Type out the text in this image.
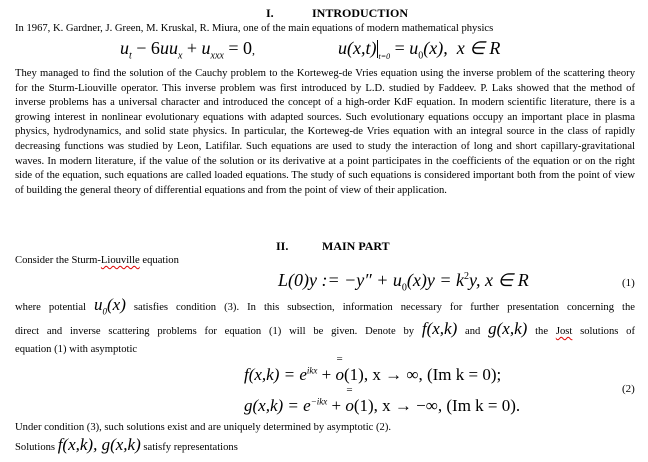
I.	INTRODUCTION
In 1967, K. Gardner, J. Green, M. Kruskal, R. Miura, one of the main equations of modern mathematical physics
$u_t - 6uu_x + u_{xxx} = 0$,	u(x,t) $_{t=0} = u_0(x)$, x ∈ R
They managed to find the solution of the Cauchy problem to the Korteweg-de Vries equation using the inverse problem of the scattering theory for the Sturm-Liouville operator. This inverse problem was first introduced by L.D. studied by Faddeev. P. Laks showed that the method of inverse problems has a universal character and introduced the concept of a high-order KdF equation. In modern scientific literature, there is a growing interest in nonlinear evolutionary equations with adapted sources. Such evolutionary equations occupy an important place in plasma physics, hydrodynamics, and solid state physics. In particular, the Korteweg-de Vries equation with an integral source in the class of rapidly decreasing functions was studied by Leon, Latifilar. Such equations are used to study the interaction of long and short capillary-gravitational waves. In modern literature, if the value of the solution or its derivative at a point participates in the coefficients of the equation or on the right side of the equation, such equations are called loaded equations. The study of such equations is considered important both from the point of view of building the general theory of differential equations and from the point of view of their application.
II.	MAIN PART
Consider the Sturm-Liouville equation
L(0)y := $-y'' + u_0(x)y = k^2y$, x ∈ R	(1)
where potential $u_0(x)$ satisfies condition (3). In this subsection, information necessary for further presentation concerning the
direct and inverse scattering problems for equation (1) will be given. Denote by f(x,k) and g(x,k) the Jost solutions of
equation (1) with asymptotic
$f(x,k) = e^{ikx}$ + = o(1), x → ∞, (Im k = 0);
$g(x,k) = e^{-ikx}$ + = o(1), x → −∞, (Im k = 0).
(2)
Under condition (3), such solutions exist and are uniquely determined by asymptotic (2).
Solutions f(x,k), g(x,k) satisfy representations
